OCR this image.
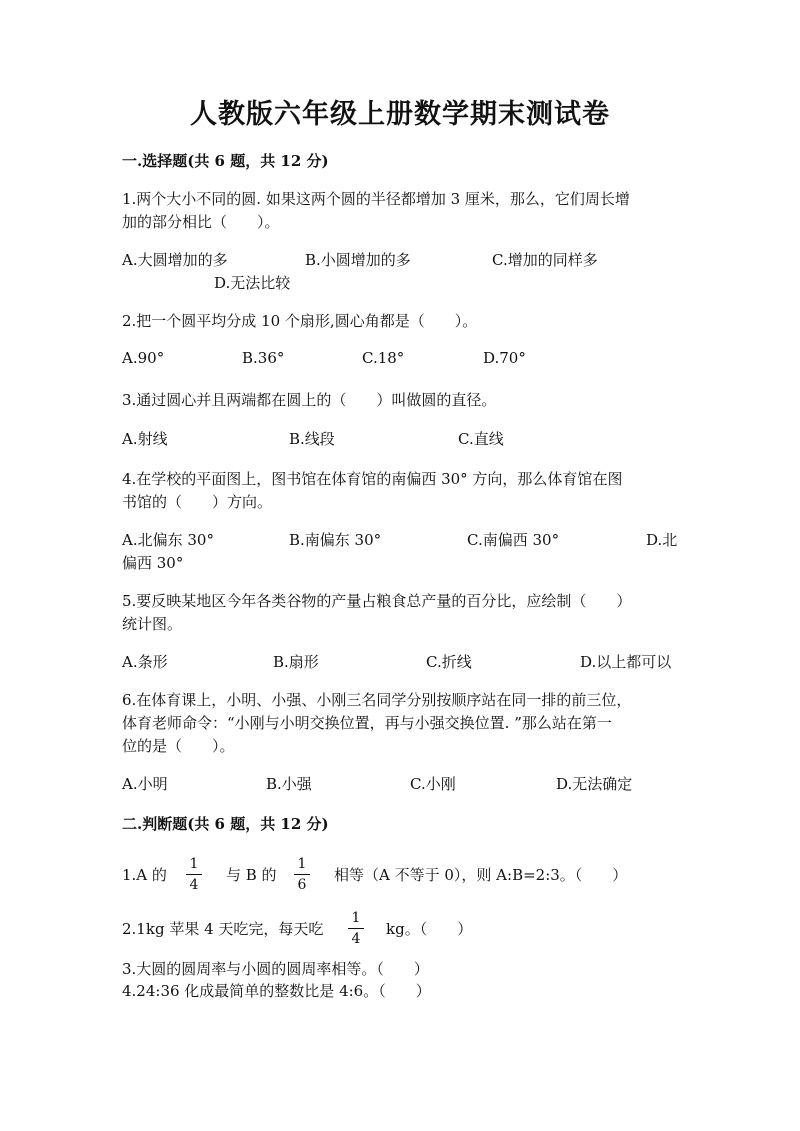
人教版六年级上册数学期末测试卷
一.选择题(共 6 题，共 12 分)
1.两个大小不同的圆. 如果这两个圆的半径都增加 3 厘米，那么，它们周长增
加的部分相比（　　）。
A.大圆增加的多	B.小圆增加的多	C.增加的同样多
D.无法比较
2.把一个圆平均分成 10 个扇形,圆心角都是（　　）。
A.90°	B.36°	C.18°	D.70°
3.通过圆心并且两端都在圆上的（　　）叫做圆的直径。
A.射线	B.线段	C.直线
4.在学校的平面图上，图书馆在体育馆的南偏西 30° 方向，那么体育馆在图
书馆的（　　）方向。
A.北偏东 30°	B.南偏东 30°	C.南偏西 30°	D.北
偏西 30°
5.要反映某地区今年各类谷物的产量占粮食总产量的百分比，应绘制（　　）
统计图。
A.条形	B.扇形	C.折线	D.以上都可以
6.在体育课上，小明、小强、小刚三名同学分别按顺序站在同一排的前三位，
体育老师命令：“小刚与小明交换位置，再与小强交换位置. ”那么站在第一
位的是（　　）。
A.小明	B.小强	C.小刚	D.无法确定
二.判断题(共 6 题，共 12 分)
1.A 的
1
4
与 B 的
1
6
相等（A 不等于 0），则 A:B=2:3。（　　）
2.1kg 苹果 4 天吃完，每天吃
1
4
kg。（　　）
3.大圆的圆周率与小圆的圆周率相等。（　　）
4.24:36 化成最简单的整数比是 4:6。（　　）
